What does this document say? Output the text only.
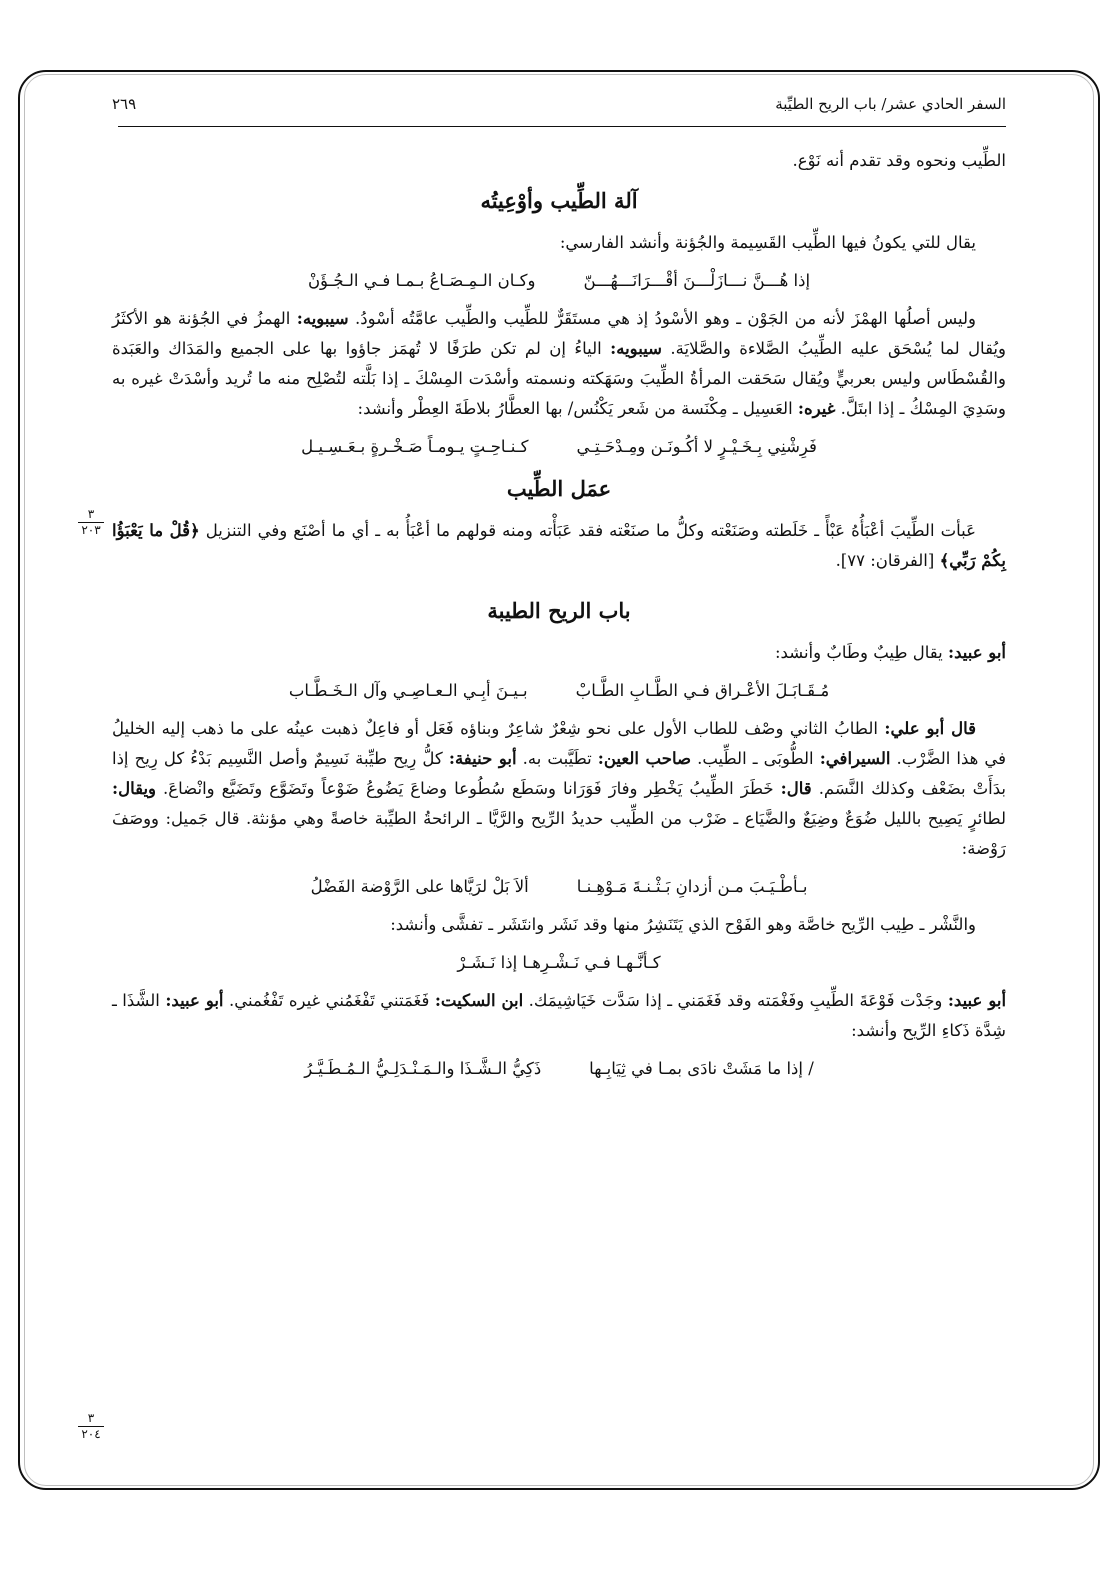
السفر الحادي عشر/ باب الريح الطيِّبة
٢٦٩
٣
٢٠٣
٣
٢٠٤

الطِّيب ونحوه وقد تقدم أنه نَوْع.

آلة الطِّيب وأوْعِيتُه

يقال للتي يكونُ فيها الطِّيب القَسِيمة والجُؤنة وأنشد الفارسي:

إذا هُـــنَّ نـــازَلْـــنَ أقْـــرَانَـــهُـــنّ
وكـان الـمِـصَـاعُ بـمـا فـي الـجُـؤَنْ

وليس أصلُها الهمْزَ لأنه من الجَوْن ـ وهو الأسْودُ إذ هي مستَقَرٌّ للطِّيب والطِّيب عامَّتُه أسْودُ. سيبويه: الهمزُ في الجُؤنة هو الأكثَرُ ويُقال لما يُسْحَق عليه الطِّيبُ الصَّلاءة والصَّلايَة. سيبويه: الياءُ إن لم تكن طرَفًا لا تُهمَز جاؤوا بها على الجميع والمَدَاك والعَبَدة والقُسْطَاس وليس بعربيٍّ ويُقال سَحَقت المرأةُ الطِّيبَ وسَهَكته ونسمته وأسْدَت المِسْكَ ـ إذا بَلَّته لتُصْلِح منه ما تُريد وأسْدَتْ غيره به وسَدِيَ المِسْكُ ـ إذا ابتَلَّ. غيره: العَسِيل ـ مِكْنَسة من شَعر يَكْنُس/ بها العطَّارُ بلاطَةَ العِطْر وأنشد:

فَرِشْنِي بِـخَـيْـرٍ لا أكُـونَـن ومِـدْحَـتِـي
كـنـاحِـتٍ يـومـاً صَـخْـرةٍ بـعَـسِـيـل
عمَل الطِّيب

عَبأت الطِّيبَ أعْبَأُهُ عَبْأً ـ خَلَطته وصَنَعْته وكلُّ ما صنَعْته فقد عَبَأْته ومنه قولهم ما أعْبَأُ به ـ أي ما أصْنَع وفي التنزيل ﴿قُلْ ما يَعْبَؤُا بِكُمْ رَبِّي﴾ [الفرقان: ٧٧].

باب الريح الطيبة

أبو عبيد: يقال طِيبٌ وطَابٌ وأنشد:

مُـقَـابَـلَ الأعْـراق فـي الطَّـابِ الطَّـابْ
بـيـنَ أبِـي الـعـاصِـي وآل الـخَـطَّـاب

قال أبو علي: الطابُ الثاني وصْف للطاب الأول على نحو شِعْرٌ شاعِرٌ وبناؤه فَعَل أو فاعِلٌ ذهبت عينُه على ما ذهب إليه الخليلُ في هذا الضَّرْب. السيرافي: الطُّوبَى ـ الطِّيب. صاحب العين: تطَيَّبت به. أبو حنيفة: كلُّ رِيح طيِّبة نَسِيمٌ وأصل النَّسِيم بَدْءُ كل رِيح إذا بدَأَتْ بضَعْف وكذلك النَّسَم. قال: خَطَرَ الطِّيبُ يَخْطِر وفارَ فَوَرَانا وسَطَع سُطُوعا وضاعَ يَضُوعُ ضَوْعاً وتَضَوَّع وتَضَيَّع وانْضاعَ. ويقال: لطائرٍ يَصِيح بالليل ضُوَعٌ وضِيَعٌ والضَّيَاع ـ ضَرْب من الطِّيب حديدُ الرِّيح والرَّيَّا ـ الرائحةُ الطيِّبة خاصةً وهي مؤنثة. قال جَميل: ووصَفَ رَوْضة:

بـأطْـيَـبَ مـن أزدانِ بَـثْـنـةَ مَـوْهِـنـا
ألاَ بَلْ لرَيَّاها على الرَّوْضة الفَضْلُ

والنَّشْر ـ طِيب الرِّيح خاصَّة وهو الفَوْح الذي يَتَنَشِرُ منها وقد نَشَر وانتَشَر ـ تفشَّى وأنشد:

كـأنَّـهـا فـي نَـشْـرِهـا إذا نَـشَـرْ

أبو عبيد: وجَدْت فَوْعَةَ الطِّيبِ وفَغْمَته وقد فَغَمَني ـ إذا سَدَّت خَيَاشِيمَك. ابن السكيت: فَغَمَتني تَفْغَمُني غيره تَفْغُمني. أبو عبيد: الشَّذَا ـ شِدَّة ذَكاءِ الرِّيح وأنشد:

/ إذا ما مَشَتْ نادَى بمـا في ثِيَابِـها
ذَكِيُّ الـشَّـذَا والـمَـنْـدَلِـيُّ الـمُـطَـيَّـرُ
